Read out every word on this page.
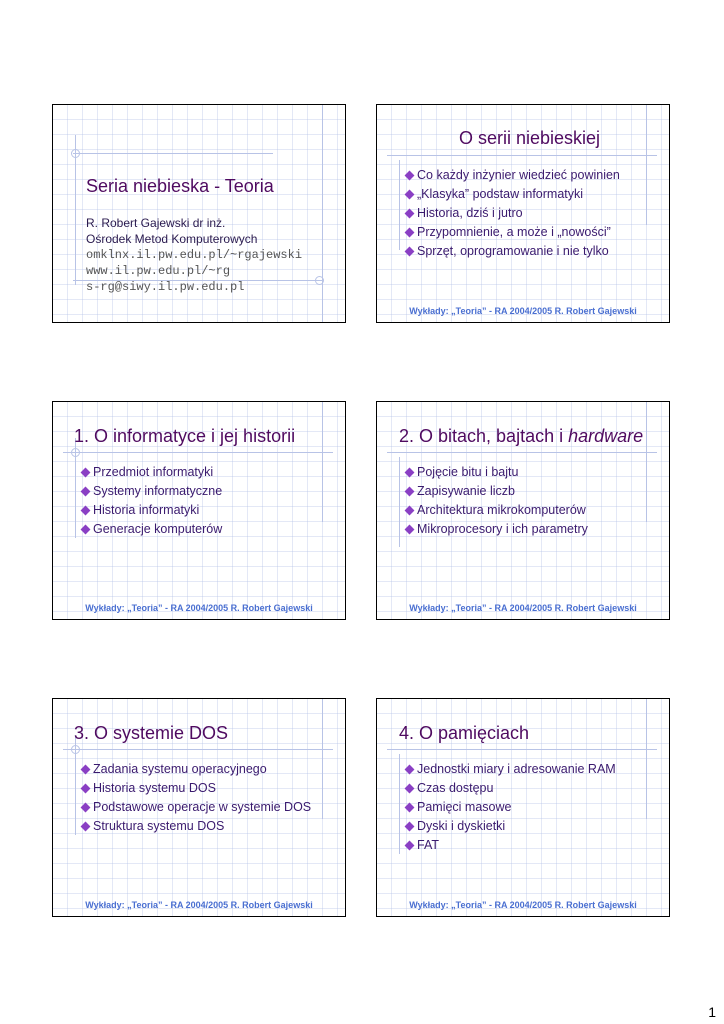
Seria niebieska - Teoria
R. Robert Gajewski dr inż.
Ośrodek Metod Komputerowych
omklnx.il.pw.edu.pl/~rgajewski
www.il.pw.edu.pl/~rg
s-rg@siwy.il.pw.edu.pl
O serii niebieskiej
Co każdy inżynier wiedzieć powinien
„Klasyka” podstaw informatyki
Historia, dziś i jutro
Przypomnienie, a może i „nowości”
Sprzęt, oprogramowanie i nie tylko
Wykłady: „Teoria” - RA 2004/2005 R. Robert Gajewski
1. O informatyce i jej historii
Przedmiot informatyki
Systemy informatyczne
Historia informatyki
Generacje komputerów
Wykłady: „Teoria” - RA 2004/2005 R. Robert Gajewski
2. O bitach, bajtach i hardware
Pojęcie bitu i bajtu
Zapisywanie liczb
Architektura mikrokomputerów
Mikroprocesory i ich parametry
Wykłady: „Teoria” - RA 2004/2005 R. Robert Gajewski
3. O systemie DOS
Zadania systemu operacyjnego
Historia systemu DOS
Podstawowe operacje w systemie DOS
Struktura systemu DOS
Wykłady: „Teoria” - RA 2004/2005 R. Robert Gajewski
4. O pamięciach
Jednostki miary i adresowanie RAM
Czas dostępu
Pamięci masowe
Dyski i dyskietki
FAT
Wykłady: „Teoria” - RA 2004/2005 R. Robert Gajewski
1
